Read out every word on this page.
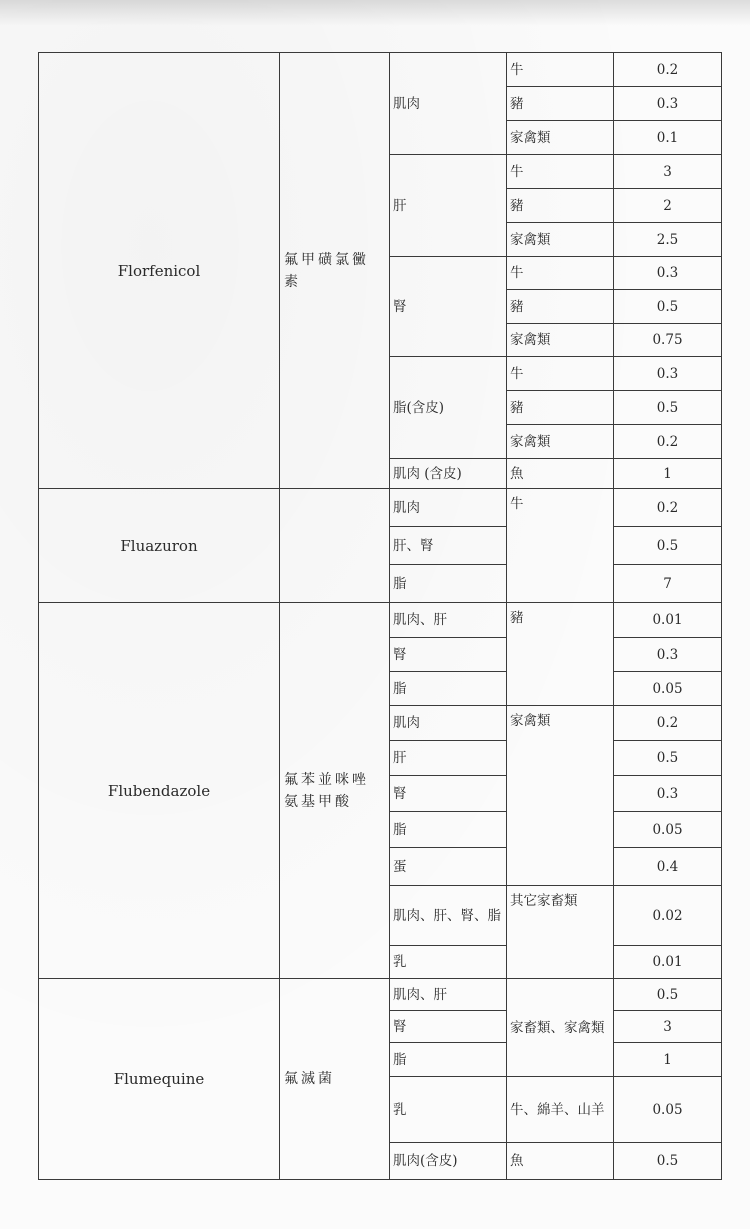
Florfenicol
氟甲磺氯黴素
肌肉
肝
腎
脂(含皮)
肌肉 (含皮)
牛
豬
家禽類
牛
豬
家禽類
牛
豬
家禽類
牛
豬
家禽類
魚
0.2
0.3
0.1
3
2
2.5
0.3
0.5
0.75
0.3
0.5
0.2
1
Fluazuron
肌肉
肝、腎
脂
牛	0.2
0.5
7
Flubendazole
氟苯並咪唑氨基甲酸
肌肉、肝
腎
脂
肌肉
肝
腎
脂
蛋
肌肉、肝、腎、脂
乳
豬
家禽類
其它家畜類
0.01
0.3
0.05
0.2
0.5
0.3
0.05
0.4
0.02
0.01
Flumequine	氟滅菌
肌肉、肝
腎
脂
乳
肌肉(含皮)
家畜類、家禽類
牛、綿羊、山羊
魚
0.5
3
1
0.05
0.5
